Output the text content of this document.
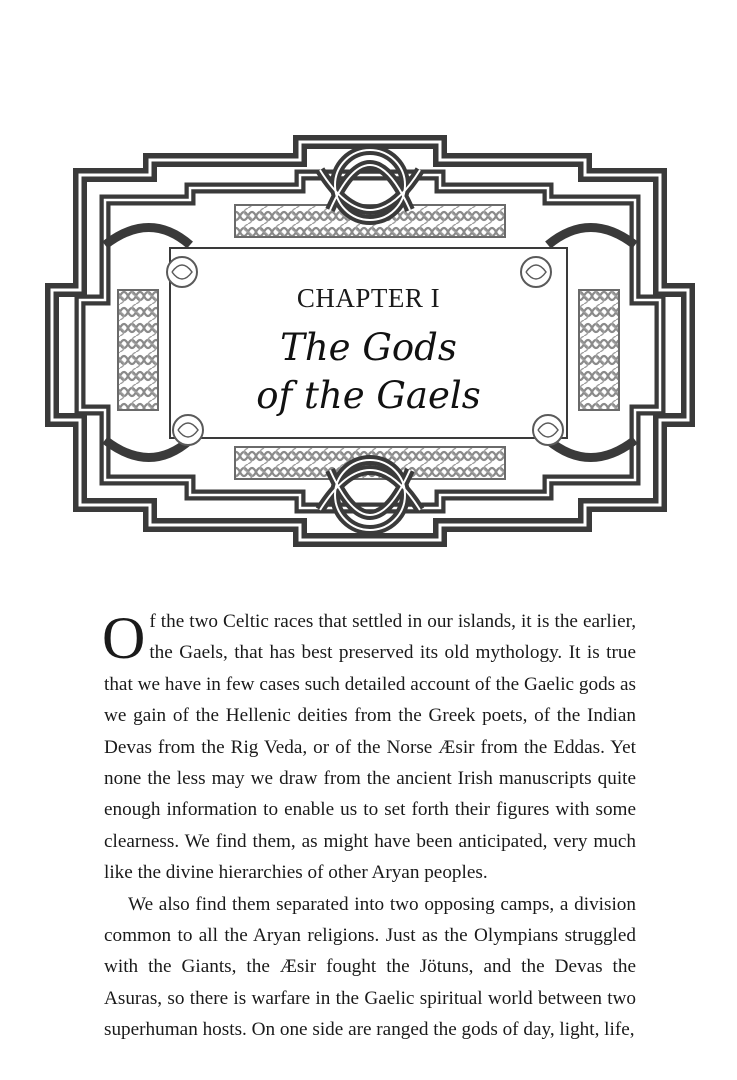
CHAPTER I
The Gods
of the Gaels

Of the two Celtic races that settled in our islands, it is the earlier, the Gaels, that has best preserved its old mythology. It is true that we have in few cases such detailed account of the Gaelic gods as we gain of the Hellenic deities from the Greek poets, of the Indian Devas from the Rig Veda, or of the Norse Æsir from the Eddas. Yet none the less may we draw from the ancient Irish manuscripts quite enough information to enable us to set forth their figures with some clearness. We find them, as might have been anticipated, very much like the divine hierarchies of other Aryan peoples.

We also find them separated into two opposing camps, a division common to all the Aryan religions. Just as the Olympians struggled with the Giants, the Æsir fought the Jötuns, and the Devas the Asuras, so there is warfare in the Gaelic spiritual world between two superhuman hosts. On one side are ranged the gods of day, light, life,
